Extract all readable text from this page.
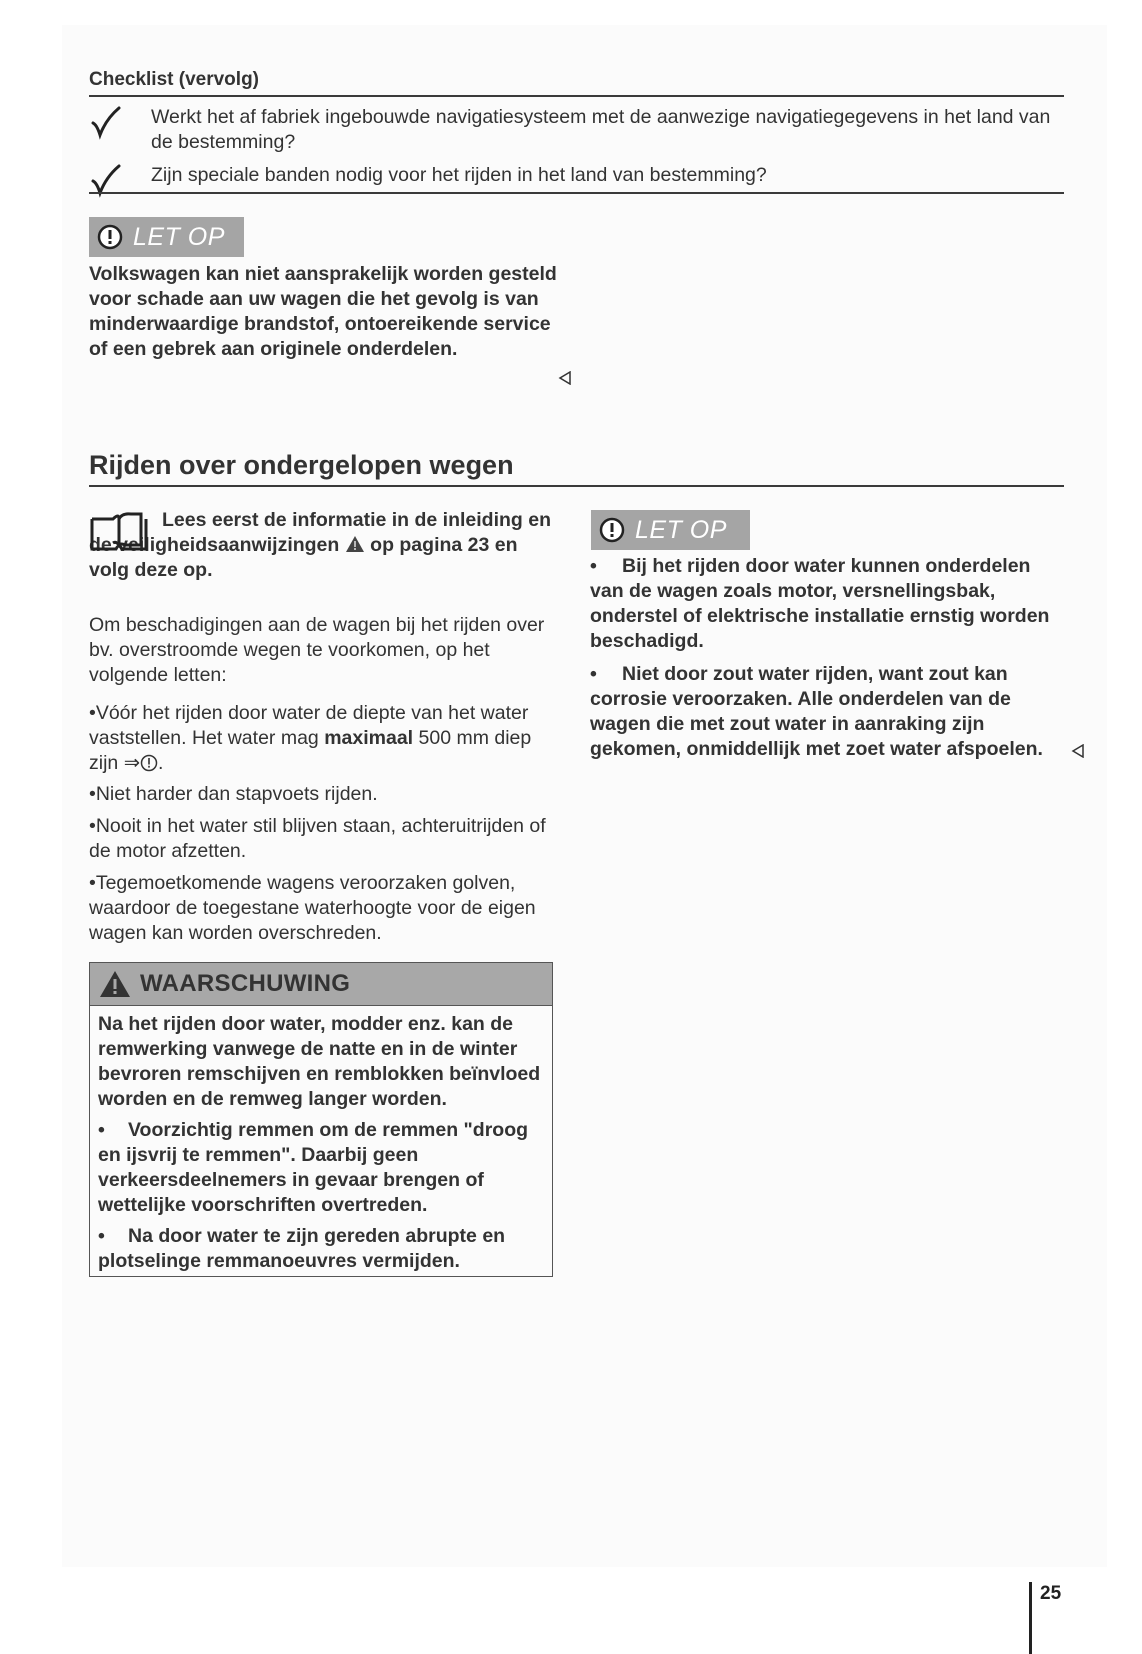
Checklist (vervolg)
Werkt het af fabriek ingebouwde navigatiesysteem met de aanwezige navigatiegegevens in het land van de bestemming?
Zijn speciale banden nodig voor het rijden in het land van bestemming?
LET OP
Volkswagen kan niet aansprakelijk worden gesteld voor schade aan uw wagen die het gevolg is van minderwaardige brandstof, ontoereikende service of een gebrek aan originele onderdelen.
Rijden over ondergelopen wegen
Lees eerst de informatie in de inleiding en de veiligheidsaanwijzingen op pagina 23 en volg deze op.
Om beschadigingen aan de wagen bij het rijden over bv. overstroomde wegen te voorkomen, op het volgende letten:
•Vóór het rijden door water de diepte van het water vaststellen. Het water mag maximaal 500 mm diep zijn ⇒ .
•Niet harder dan stapvoets rijden.
•Nooit in het water stil blijven staan, achteruitrijden of de motor afzetten.
•Tegemoetkomende wagens veroorzaken golven, waardoor de toegestane waterhoogte voor de eigen wagen kan worden overschreden.
WAARSCHUWING

Na het rijden door water, modder enz. kan de remwerking vanwege de natte en in de winter bevroren remschijven en remblokken beïnvloed worden en de remweg langer worden.

• Voorzichtig remmen om de remmen "droog en ijsvrij te remmen". Daarbij geen verkeersdeelnemers in gevaar brengen of wettelijke voorschriften overtreden.

• Na door water te zijn gereden abrupte en plotselinge remmanoeuvres vermijden.

LET OP
• Bij het rijden door water kunnen onderdelen van de wagen zoals motor, versnellingsbak, onderstel of elektrische installatie ernstig worden beschadigd.
• Niet door zout water rijden, want zout kan corrosie veroorzaken. Alle onderdelen van de wagen die met zout water in aanraking zijn gekomen, onmiddellijk met zoet water afspoelen.
25
